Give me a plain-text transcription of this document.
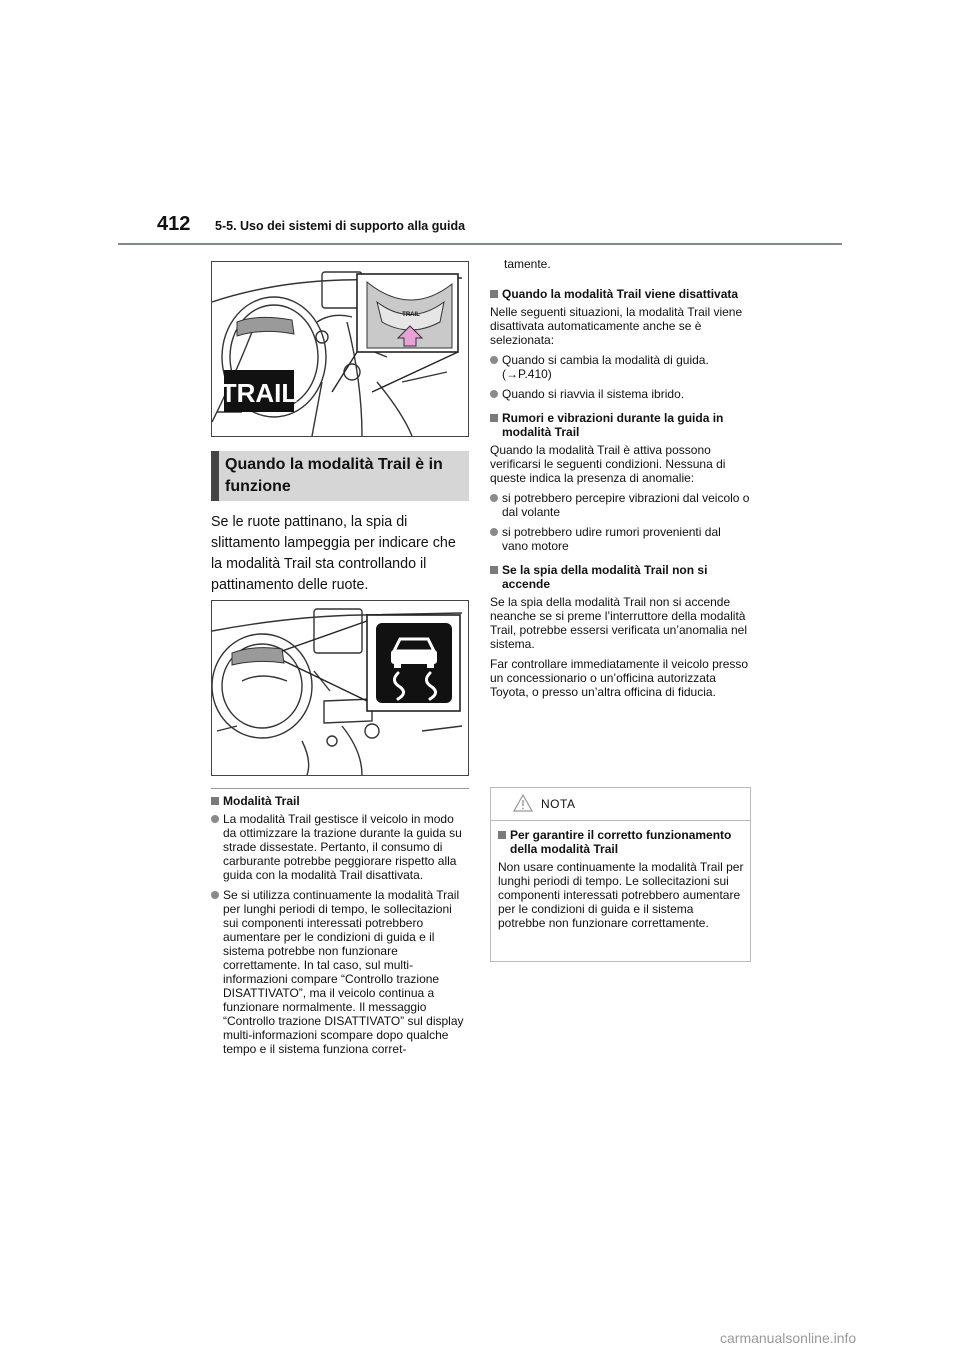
412 5-5. Uso dei sistemi di supporto alla guida
TRAIL
TRAIL
Quando la modalità Trail è in funzione
Se le ruote pattinano, la spia di slittamento lampeggia per indicare che la modalità Trail sta controllando il pattinamento delle ruote.
Modalità Trail

La modalità Trail gestisce il veicolo in modo da ottimizzare la trazione durante la guida su strade dissestate. Pertanto, il consumo di carburante potrebbe peggiorare rispetto alla guida con la modalità Trail disattivata.

Se si utilizza continuamente la modalità Trail per lunghi periodi di tempo, le sollecitazioni sui componenti interessati potrebbero aumentare per le condizioni di guida e il sistema potrebbe non funzionare correttamente. In tal caso, sul multi-informazioni compare “Controllo trazione DISATTIVATO”, ma il veicolo continua a funzionare normalmente. Il messaggio “Controllo trazione DISATTIVATO” sul display multi-informazioni scompare dopo qualche tempo e il sistema funziona corret-

tamente.

Quando la modalità Trail viene disattivata

Nelle seguenti situazioni, la modalità Trail viene disattivata automaticamente anche se è selezionata:

Quando si cambia la modalità di guida. (→P.410)

Quando si riavvia il sistema ibrido.

Rumori e vibrazioni durante la guida in modalità Trail

Quando la modalità Trail è attiva possono verificarsi le seguenti condizioni. Nessuna di queste indica la presenza di anomalie:

si potrebbero percepire vibrazioni dal veicolo o dal volante

si potrebbero udire rumori provenienti dal vano motore

Se la spia della modalità Trail non si accende

Se la spia della modalità Trail non si accende neanche se si preme l’interruttore della modalità Trail, potrebbe essersi verificata un’anomalia nel sistema.

Far controllare immediatamente il veicolo presso un concessionario o un’officina autorizzata Toyota, o presso un’altra officina di fiducia.

NOTA
Per garantire il corretto funzionamento della modalità Trail

Non usare continuamente la modalità Trail per lunghi periodi di tempo. Le sollecitazioni sui componenti interessati potrebbero aumentare per le condizioni di guida e il sistema potrebbe non funzionare correttamente.

carmanualsonline.info
